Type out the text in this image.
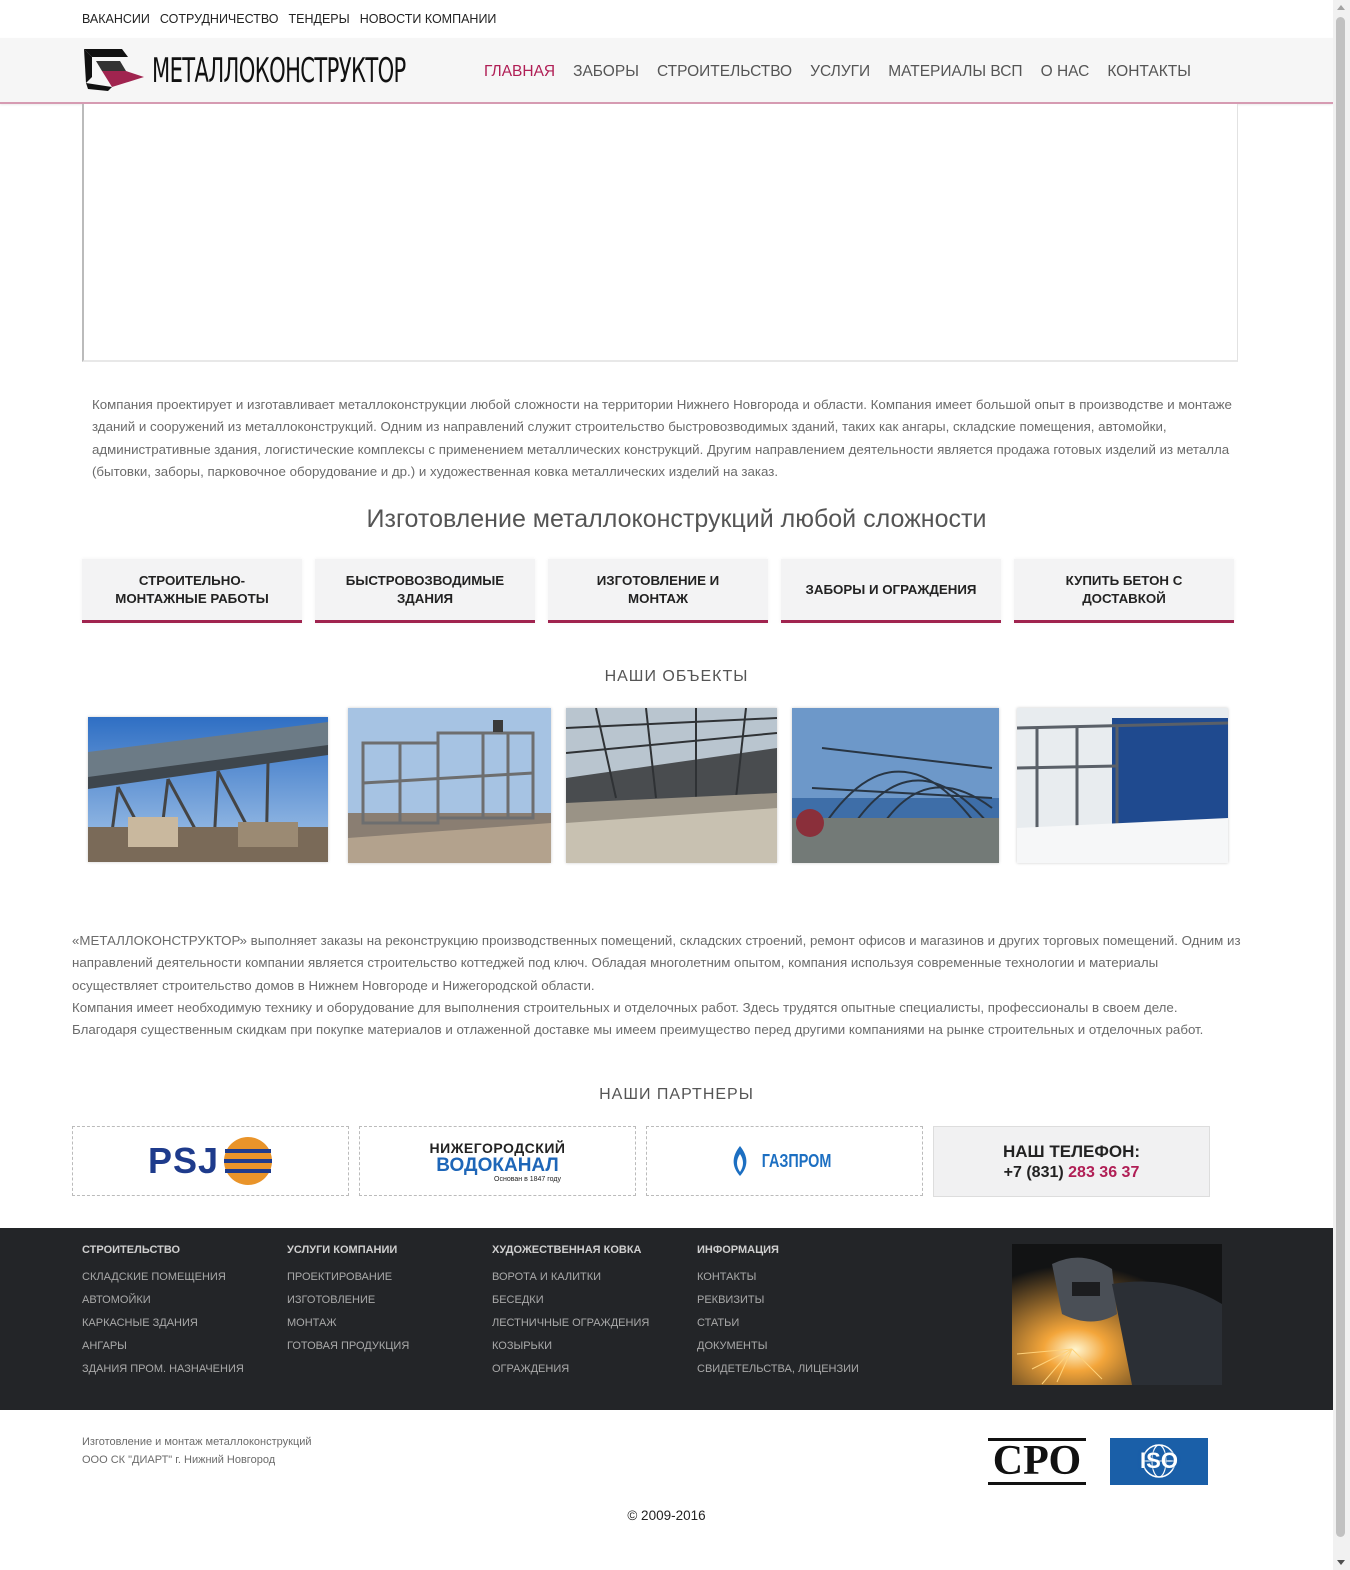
ВАКАНСИИ СОТРУДНИЧЕСТВО ТЕНДЕРЫ НОВОСТИ КОМПАНИИ
МЕТАЛЛОКОНСТРУКТОР	ГЛАВНАЯ ЗАБОРЫ СТРОИТЕЛЬСТВО УСЛУГИ МАТЕРИАЛЫ ВСП О НАС КОНТАКТЫ
Компания проектирует и изготавливает металлоконструкции любой сложности на территории Нижнего Новгорода и области. Компания имеет большой опыт в производстве и монтаже зданий и сооружений из металлоконструкций. Одним из направлений служит строительство быстровозводимых зданий, таких как ангары, складские помещения, автомойки, административные здания, логистические комплексы с применением металлических конструкций. Другим направлением деятельности является продажа готовых изделий из металла (бытовки, заборы, парковочное оборудование и др.) и художественная ковка металлических изделий на заказ.
Изготовление металлоконструкций любой сложности
СТРОИТЕЛЬНО-МОНТАЖНЫЕ РАБОТЫ
БЫСТРОВОЗВОДИМЫЕ ЗДАНИЯ
ИЗГОТОВЛЕНИЕ И МОНТАЖ
ЗАБОРЫ И ОГРАЖДЕНИЯ
КУПИТЬ БЕТОН С ДОСТАВКОЙ
НАШИ ОБЪЕКТЫ

«МЕТАЛЛОКОНСТРУКТОР» выполняет заказы на реконструкцию производственных помещений, складских строений, ремонт офисов и магазинов и других торговых помещений. Одним из направлений деятельности компании является строительство коттеджей под ключ. Обладая многолетним опытом, компания используя современные технологии и материалы осуществляет строительство домов в Нижнем Новгороде и Нижегородской области.

Компания имеет необходимую технику и оборудование для выполнения строительных и отделочных работ. Здесь трудятся опытные специалисты, профессионалы в своем деле. Благодаря существенным скидкам при покупке материалов и отлаженной доставке мы имеем преимущество перед другими компаниями на рынке строительных и отделочных работ.

НАШИ ПАРТНЕРЫ
PSJ	НИЖЕГОРОДСКИЙ
ВОДОКАНАЛ
Основан в 1847 году
ГАЗПРОМ	НАШ ТЕЛЕФОН:
+7 (831) 283 36 37
СТРОИТЕЛЬСТВО
СКЛАДСКИЕ ПОМЕЩЕНИЯ
АВТОМОЙКИ
КАРКАСНЫЕ ЗДАНИЯ
АНГАРЫ
ЗДАНИЯ ПРОМ. НАЗНАЧЕНИЯ
УСЛУГИ КОМПАНИИ
ПРОЕКТИРОВАНИЕ
ИЗГОТОВЛЕНИЕ
МОНТАЖ
ГОТОВАЯ ПРОДУКЦИЯ
ХУДОЖЕСТВЕННАЯ КОВКА
ВОРОТА И КАЛИТКИ
БЕСЕДКИ
ЛЕСТНИЧНЫЕ ОГРАЖДЕНИЯ
КОЗЫРЬКИ
ОГРАЖДЕНИЯ
ИНФОРМАЦИЯ
КОНТАКТЫ
РЕКВИЗИТЫ
СТАТЬИ
ДОКУМЕНТЫ
СВИДЕТЕЛЬСТВА, ЛИЦЕНЗИИ
Изготовление и монтаж металлоконструкций
ООО СК "ДИАРТ" г. Нижний Новгород	СРО	ISO
© 2009-2016
